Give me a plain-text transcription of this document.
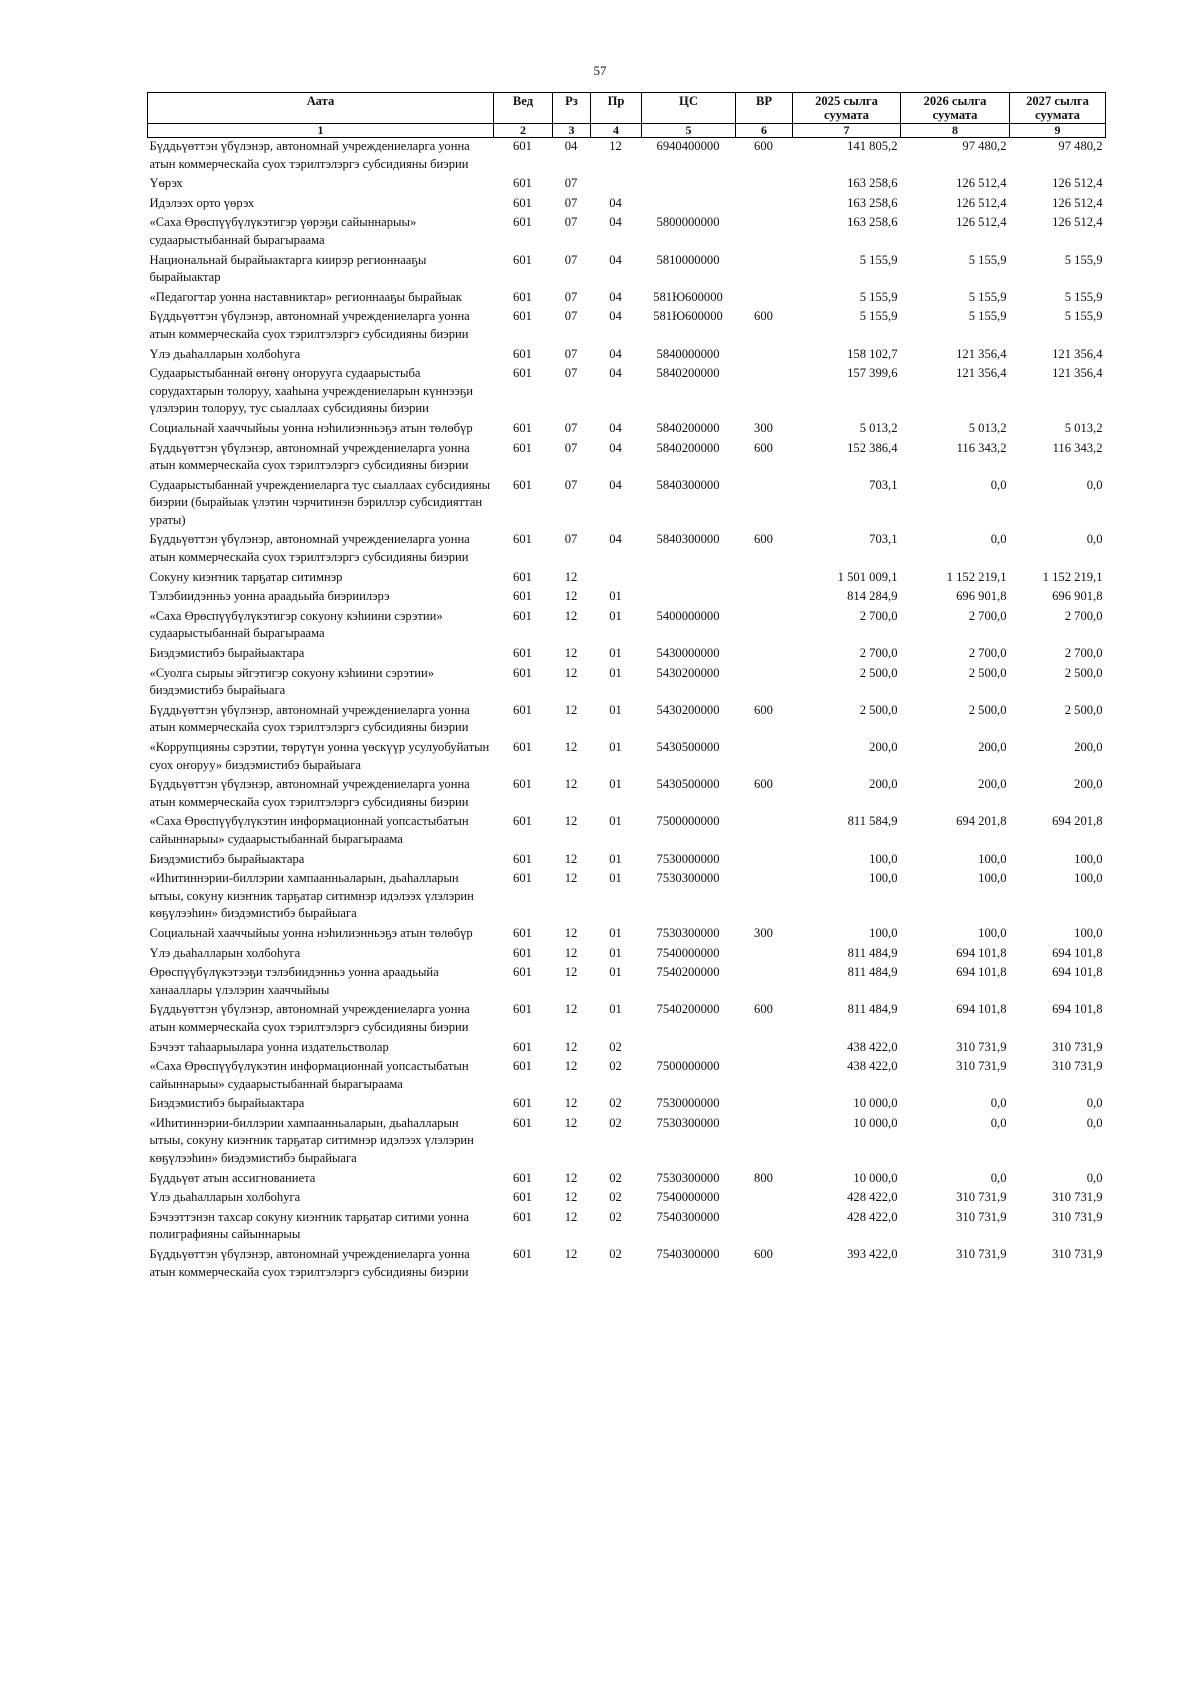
57
Аата	Вед	Рз	Пр	ЦС	ВР	2025 сылга суумата	2026 сылга суумата	2027 сылга суумата
1	2	3	4	5	6	7	8	9
Бүддьүөттэн үбүлэнэр, автономнай учреждениеларга уонна атын коммерческайа суох тэрилтэлэргэ субсидияны биэрии	601	04	12	6940400000	600	141 805,2	97 480,2	97 480,2
Үөрэх	601	07				163 258,6	126 512,4	126 512,4
Идэлээх орто үөрэх	601	07	04			163 258,6	126 512,4	126 512,4
«Саха Өрөспүүбүлүкэтигэр үөрэҕи сайыннарыы» судаарыстыбаннай бырагыраама	601	07	04	5800000000		163 258,6	126 512,4	126 512,4
Национальнай бырайыактарга киирэр регионнааҕы бырайыактар	601	07	04	5810000000		5 155,9	5 155,9	5 155,9
«Педагогтар уонна наставниктар» регионнааҕы бырайыак	601	07	04	581Ю600000		5 155,9	5 155,9	5 155,9
Бүддьүөттэн үбүлэнэр, автономнай учреждениеларга уонна атын коммерческайа суох тэрилтэлэргэ субсидияны биэрии	601	07	04	581Ю600000	600	5 155,9	5 155,9	5 155,9
Үлэ дьаһалларын холбоһуга	601	07	04	5840000000		158 102,7	121 356,4	121 356,4
Судаарыстыбаннай өҥөнү оҥорууга судаарыстыба сорудахтарын толоруу, хааһына учреждениеларын күннээҕи үлэлэрин толоруу, тус сыаллаах субсидияны биэрии	601	07	04	5840200000		157 399,6	121 356,4	121 356,4
Социальнай хааччыйыы уонна нэһилиэнньэҕэ атын төлөбүр	601	07	04	5840200000	300	5 013,2	5 013,2	5 013,2
Бүддьүөттэн үбүлэнэр, автономнай учреждениеларга уонна атын коммерческайа суох тэрилтэлэргэ субсидияны биэрии	601	07	04	5840200000	600	152 386,4	116 343,2	116 343,2
Судаарыстыбаннай учреждениеларга тус сыаллаах субсидияны биэрии (бырайыак үлэтин чэрчитинэн бэриллэр субсидияттан ураты)	601	07	04	5840300000		703,1	0,0	0,0
Бүддьүөттэн үбүлэнэр, автономнай учреждениеларга уонна атын коммерческайа суох тэрилтэлэргэ субсидияны биэрии	601	07	04	5840300000	600	703,1	0,0	0,0
Сокуну киэҥник тарҕатар ситимнэр	601	12				1 501 009,1	1 152 219,1	1 152 219,1
Тэлэбиидэнньэ уонна араадьыйа биэриилэрэ	601	12	01			814 284,9	696 901,8	696 901,8
«Саха Өрөспүүбүлүкэтигэр сокуону кэһиини сэрэтии» судаарыстыбаннай бырагыраама	601	12	01	5400000000		2 700,0	2 700,0	2 700,0
Биэдэмистибэ бырайыактара	601	12	01	5430000000		2 700,0	2 700,0	2 700,0
«Суолга сырыы эйгэтигэр сокуону кэһиини сэрэтии» биэдэмистибэ бырайыага	601	12	01	5430200000		2 500,0	2 500,0	2 500,0
Бүддьүөттэн үбүлэнэр, автономнай учреждениеларга уонна атын коммерческайа суох тэрилтэлэргэ субсидияны биэрии	601	12	01	5430200000	600	2 500,0	2 500,0	2 500,0
«Коррупцияны сэрэтии, төрүтүн уонна үөскүүр усулуобуйатын суох оҥоруу» биэдэмистибэ бырайыага	601	12	01	5430500000		200,0	200,0	200,0
Бүддьүөттэн үбүлэнэр, автономнай учреждениеларга уонна атын коммерческайа суох тэрилтэлэргэ субсидияны биэрии	601	12	01	5430500000	600	200,0	200,0	200,0
«Саха Өрөспүүбүлүкэтин информационнай уопсастыбатын сайыннарыы» судаарыстыбаннай бырагыраама	601	12	01	7500000000		811 584,9	694 201,8	694 201,8
Биэдэмистибэ бырайыактара	601	12	01	7530000000		100,0	100,0	100,0
«Иһитиннэрии-биллэрии хампаанньаларын, дьаһалларын ытыы, сокуну киэҥник тарҕатар ситимнэр идэлээх үлэлэрин көҕүлээһин» биэдэмистибэ бырайыага	601	12	01	7530300000		100,0	100,0	100,0
Социальнай хааччыйыы уонна нэһилиэнньэҕэ атын төлөбүр	601	12	01	7530300000	300	100,0	100,0	100,0
Үлэ дьаһалларын холбоһуга	601	12	01	7540000000		811 484,9	694 101,8	694 101,8
Өрөспүүбүлүкэтээҕи тэлэбиидэнньэ уонна араадьыйа ханааллары үлэлэрин хааччыйыы	601	12	01	7540200000		811 484,9	694 101,8	694 101,8
Бүддьүөттэн үбүлэнэр, автономнай учреждениеларга уонна атын коммерческайа суох тэрилтэлэргэ субсидияны биэрии	601	12	01	7540200000	600	811 484,9	694 101,8	694 101,8
Бэчээт таһаарыылара уонна издательстволар	601	12	02			438 422,0	310 731,9	310 731,9
«Саха Өрөспүүбүлүкэтин информационнай уопсастыбатын сайыннарыы» судаарыстыбаннай бырагыраама	601	12	02	7500000000		438 422,0	310 731,9	310 731,9
Биэдэмистибэ бырайыактара	601	12	02	7530000000		10 000,0	0,0	0,0
«Иһитиннэрии-биллэрии хампаанньаларын, дьаһалларын ытыы, сокуну киэҥник тарҕатар ситимнэр идэлээх үлэлэрин көҕүлээһин» биэдэмистибэ бырайыага	601	12	02	7530300000		10 000,0	0,0	0,0
Бүддьүөт атын ассигнованиета	601	12	02	7530300000	800	10 000,0	0,0	0,0
Үлэ дьаһалларын холбоһуга	601	12	02	7540000000		428 422,0	310 731,9	310 731,9
Бэчээттэнэн тахсар сокуну киэҥник тарҕатар ситими уонна полиграфияны сайыннарыы	601	12	02	7540300000		428 422,0	310 731,9	310 731,9
Бүддьүөттэн үбүлэнэр, автономнай учреждениеларга уонна атын коммерческайа суох тэрилтэлэргэ субсидияны биэрии	601	12	02	7540300000	600	393 422,0	310 731,9	310 731,9
